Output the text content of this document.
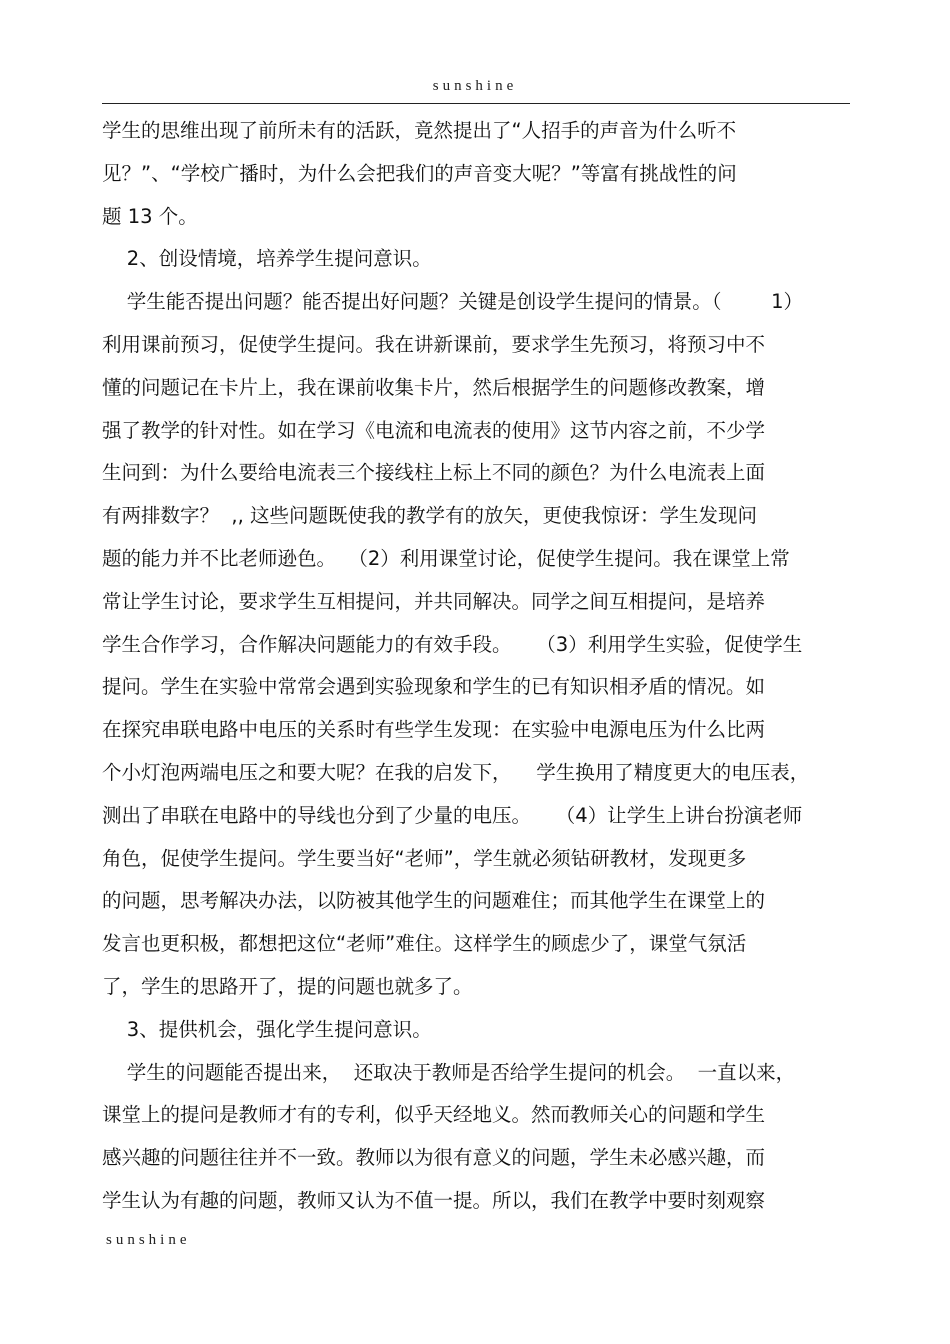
sunshine
学生的思维出现了前所未有的活跃，竟然提出了“人招手的声音为什么听不
见？”、“学校广播时，为什么会把我们的声音变大呢？”等富有挑战性的问
题 13 个。
2、创设情境，培养学生提问意识。
学生能否提出问题？能否提出好问题？关键是创设学生提问的情景。（        1）
利用课前预习，促使学生提问。我在讲新课前，要求学生先预习，将预习中不
懂的问题记在卡片上，我在课前收集卡片，然后根据学生的问题修改教案，增
强了教学的针对性。如在学习《电流和电流表的使用》这节内容之前，不少学
生问到：为什么要给电流表三个接线柱上标上不同的颜色？为什么电流表上面
有两排数字？  ,, 这些问题既使我的教学有的放矢，更使我惊讶：学生发现问
题的能力并不比老师逊色。  （2）利用课堂讨论，促使学生提问。我在课堂上常
常让学生讨论，要求学生互相提问，并共同解决。同学之间互相提问，是培养
学生合作学习，合作解决问题能力的有效手段。    （3）利用学生实验，促使学生
提问。学生在实验中常常会遇到实验现象和学生的已有知识相矛盾的情况。如
在探究串联电路中电压的关系时有些学生发现：在实验中电源电压为什么比两
个小灯泡两端电压之和要大呢？在我的启发下，    学生换用了精度更大的电压表，
测出了串联在电路中的导线也分到了少量的电压。    （4）让学生上讲台扮演老师
角色，促使学生提问。学生要当好“老师”，学生就必须钻研教材，发现更多
的问题，思考解决办法，以防被其他学生的问题难住；而其他学生在课堂上的
发言也更积极，都想把这位“老师”难住。这样学生的顾虑少了，课堂气氛活
了，学生的思路开了，提的问题也就多了。
3、提供机会，强化学生提问意识。
学生的问题能否提出来，  还取决于教师是否给学生提问的机会。  一直以来，
课堂上的提问是教师才有的专利，似乎天经地义。然而教师关心的问题和学生
感兴趣的问题往往并不一致。教师以为很有意义的问题，学生未必感兴趣，而
学生认为有趣的问题，教师又认为不值一提。所以，我们在教学中要时刻观察
sunshine
